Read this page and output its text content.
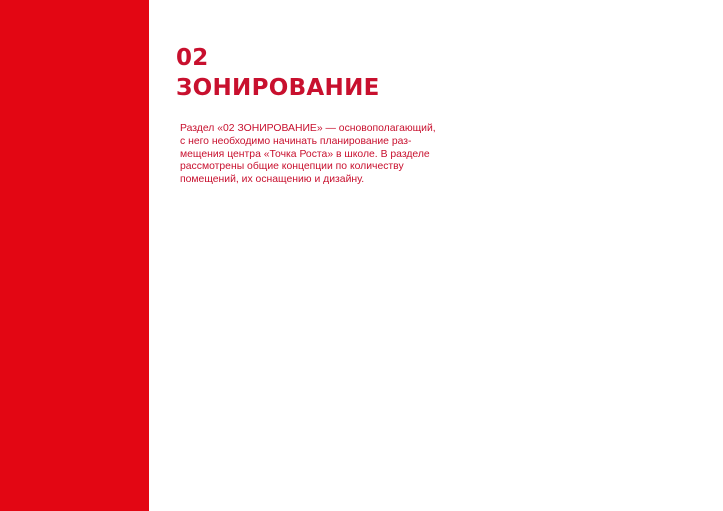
02
ЗОНИРОВАНИЕ
Раздел «02 ЗОНИРОВАНИЕ» — основополагающий,
с него необходимо начинать планирование раз-
мещения центра «Точка Роста» в школе. В разделе
рассмотрены общие концепции по количеству
помещений, их оснащению и дизайну.
